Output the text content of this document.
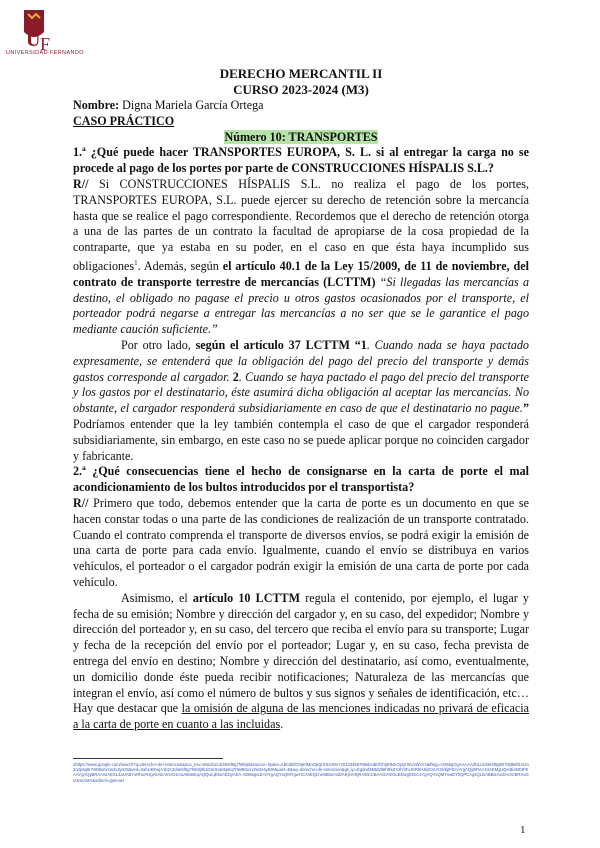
U F
UNIVERSIDAD FERNANDO
DERECHO MERCANTIL II
CURSO 2023-2024 (M3)
Nombre: Digna Mariela García Ortega
CASO PRÁCTICO
Número 10: TRANSPORTES

1.ª ¿Qué puede hacer TRANSPORTES EUROPA, S. L. si al entregar la carga no se procede al pago de los portes por parte de CONSTRUCCIONES HÍSPALIS S.L.?

R// Si CONSTRUCCIONES HÍSPALIS S.L. no realiza el pago de los portes, TRANSPORTES EUROPA, S.L. puede ejercer su derecho de retención sobre la mercancía hasta que se realice el pago correspondiente. Recordemos que el derecho de retención otorga a una de las partes de un contrato la facultad de apropiarse de la cosa propiedad de la contraparte, que ya estaba en su poder, en el caso en que ésta haya incumplido sus obligaciones$^1$. Además, según el artículo 40.1 de la Ley 15/2009, de 11 de noviembre, del contrato de transporte terrestre de mercancías (LCTTM) “Si llegadas las mercancías a destino, el obligado no pagase el precio u otros gastos ocasionados por el transporte, el porteador podrá negarse a entregar las mercancías a no ser que se le garantice el pago mediante caución suficiente.”

Por otro lado, según el artículo 37 LCTTM “1. Cuando nada se haya pactado expresamente, se entenderá que la obligación del pago del precio del transporte y demás gastos corresponde al cargador. 2. Cuando se haya pactado el pago del precio del transporte y los gastos por el destinatario, éste asumirá dicha obligación al aceptar las mercancías. No obstante, el cargador responderá subsidiariamente en caso de que el destinatario no pague.” Podríamos entender que la ley también contempla el caso de que el cargador responderá subsidiariamente, sin embargo, en este caso no se puede aplicar porque no coinciden cargador y fabricante.

2.ª ¿Qué consecuencias tiene el hecho de consignarse en la carta de porte el mal acondicionamiento de los bultos introducidos por el transportista?

R// Primero que todo, debemos entender que la carta de porte es un documento en que se hacen constar todas o una parte de las condiciones de realización de un transporte contratado. Cuando el contrato comprenda el transporte de diversos envíos, se podrá exigir la emisión de una carta de porte para cada envío. Igualmente, cuando el envío se distribuya en varios vehículos, el porteador o el cargador podrán exigir la emisión de una carta de porte por cada vehículo.

Asimismo, el artículo 10 LCTTM regula el contenido, por ejemplo, el lugar y fecha de su emisión; Nombre y dirección del cargador y, en su caso, del expedidor; Nombre y dirección del porteador y, en su caso, del tercero que reciba el envío para su transporte; Lugar y fecha de la recepción del envío por el porteador; Lugar y, en su caso, fecha prevista de entrega del envío en destino; Nombre y dirección del destinatario, así como, eventualmente, un domicilio donde éste pueda recibir notificaciones; Naturaleza de las mercancías que integran el envío, así como el número de bultos y sus signos y señales de identificación, etc… Hay que destacar que la omisión de alguna de las menciones indicadas no privará de eficacia a la carta de porte en cuanto a las incluidas.

1https://www.google.com/search?q=derecho+de+retencion&sca_esv=59a1b2c3d4e5f6g7h8i9j0&source=hp&ei=AbCdEfGhIjKlMnOpQrStUvWxYz0123456789abcdEfGhIjKlMnOpQrStUvWxYz&iflsig=AO6bgOgAAAAAZb1c2d3e4f5g6h7i8j9k0l1m2n3o4p5q6r7s8t9u0v1w2x3y4z5&ved=0ahUKEwjA1b2c3d4e5f6g7h8i9j0k1l2m3n4o5p6q7r8s9t0u1v2w3x4y5z6&uact=5&oq=derecho+de+retencion&gs_lp=Egdnd3Mtd2l6IhRkZXJlY2hvIGRlIHJldGVuY2lvbjIFEAAYgAQyBRAAGIAEMgUQABiABDIFEAAYgAQyBRAAGIAESL4aUABYxRhwAHgAkAEAmAGSAaABvBKqAQQwLjE5uAEDyAEA-AEBwgILEAAYgAQYsQMYgwHCAhEQLhiABBixAxiDARjHARjRA8ICCBAAGIAEGLEDwgIOEC4YgAQYsQMYxwEY0QPCAgsQLhiABBixAxiDAcICBRAuGIAEmAMA&sclient=gws-wiz
1
